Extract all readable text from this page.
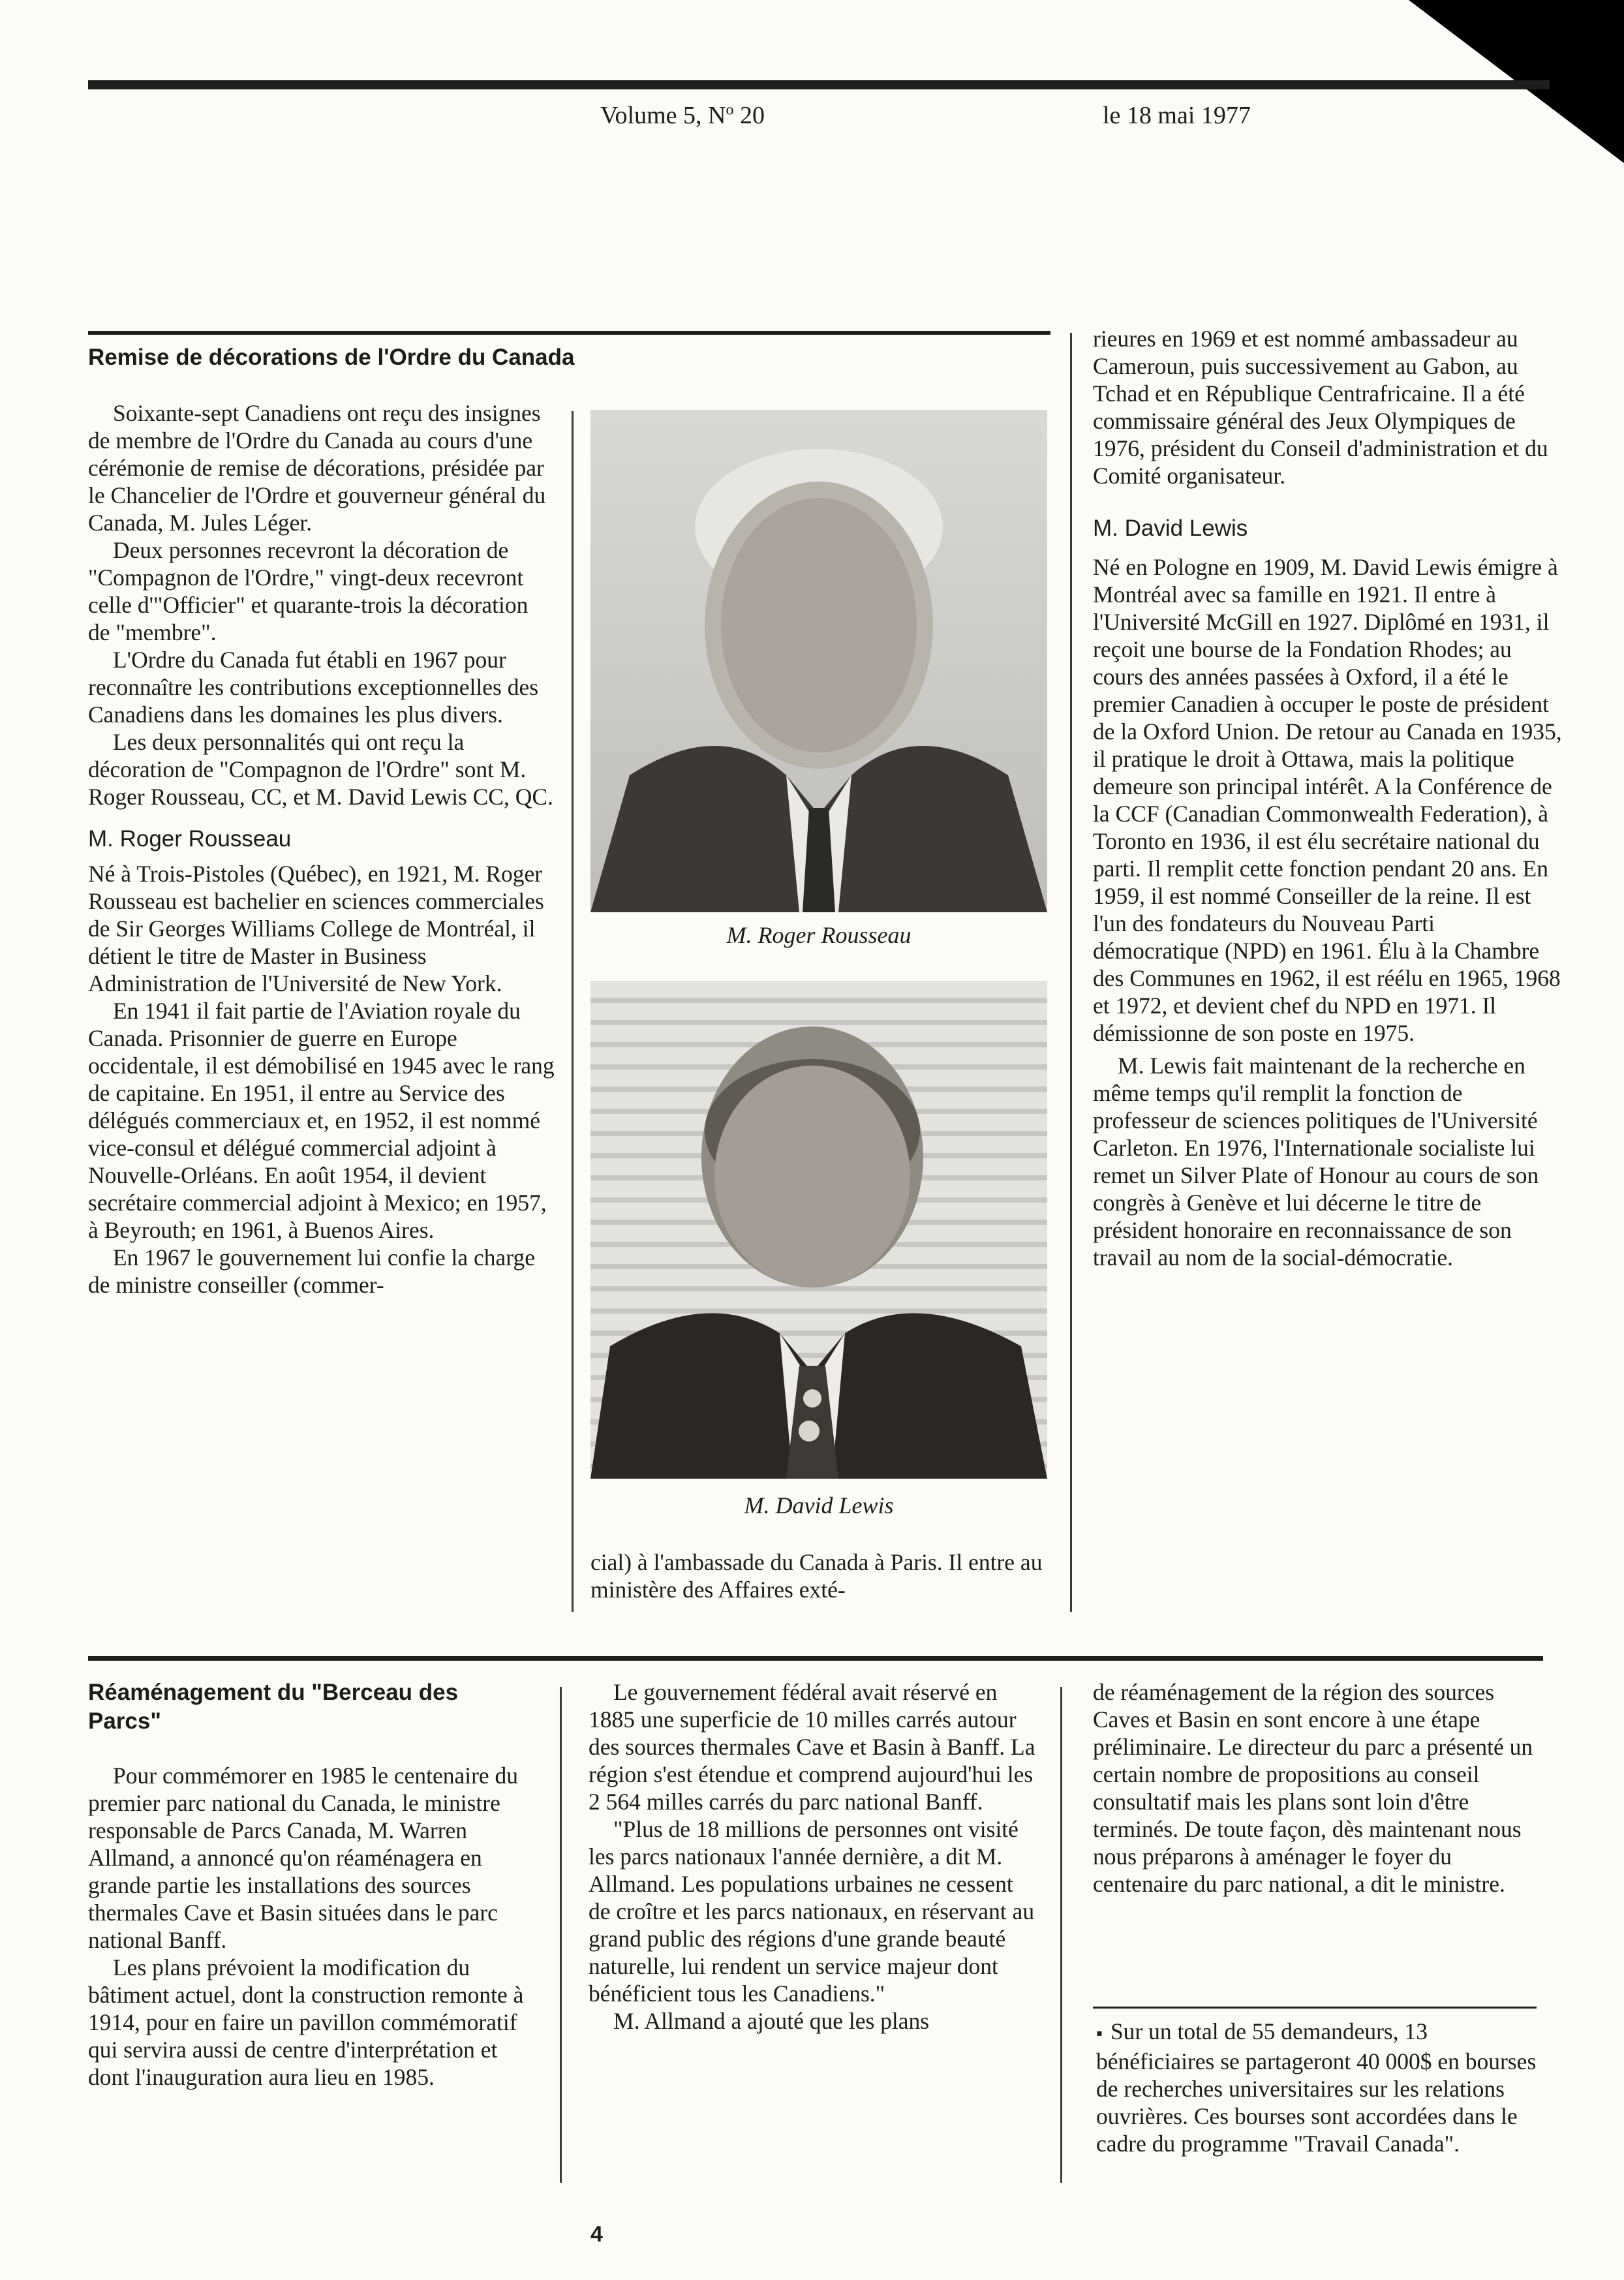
Volume 5, $N^o$ 20	le 18 mai 1977
Remise de décorations de l'Ordre du Canada

Soixante-sept Canadiens ont reçu des insignes de membre de l'Ordre du Canada au cours d'une cérémonie de remise de décorations, présidée par le Chancelier de l'Ordre et gouverneur général du Canada, M. Jules Léger.

Deux personnes recevront la décoration de "Compagnon de l'Ordre," vingt-deux recevront celle d'"Officier" et quarante-trois la décoration de "membre".

L'Ordre du Canada fut établi en 1967 pour reconnaître les contributions exceptionnelles des Canadiens dans les domaines les plus divers.

Les deux personnalités qui ont reçu la décoration de "Compagnon de l'Ordre" sont M. Roger Rousseau, CC, et M. David Lewis CC, QC.

M. Roger Rousseau

Né à Trois-Pistoles (Québec), en 1921, M. Roger Rousseau est bachelier en sciences commerciales de Sir Georges Williams College de Montréal, il détient le titre de Master in Business Administration de l'Université de New York.

En 1941 il fait partie de l'Aviation royale du Canada. Prisonnier de guerre en Europe occidentale, il est démobilisé en 1945 avec le rang de capitaine. En 1951, il entre au Service des délégués commerciaux et, en 1952, il est nommé vice-consul et délégué commercial adjoint à Nouvelle-Orléans. En août 1954, il devient secrétaire commercial adjoint à Mexico; en 1957, à Beyrouth; en 1961, à Buenos Aires.

En 1967 le gouvernement lui confie la charge de ministre conseiller (commer-

M. Roger Rousseau
M. David Lewis
cial) à l'ambassade du Canada à Paris. Il entre au ministère des Affaires exté-

rieures en 1969 et est nommé ambassadeur au Cameroun, puis successivement au Gabon, au Tchad et en République Centrafricaine. Il a été commissaire général des Jeux Olympiques de 1976, président du Conseil d'administration et du Comité organisateur.

M. David Lewis

Né en Pologne en 1909, M. David Lewis émigre à Montréal avec sa famille en 1921. Il entre à l'Université McGill en 1927. Diplômé en 1931, il reçoit une bourse de la Fondation Rhodes; au cours des années passées à Oxford, il a été le premier Canadien à occuper le poste de président de la Oxford Union. De retour au Canada en 1935, il pratique le droit à Ottawa, mais la politique demeure son principal intérêt. A la Conférence de la CCF (Canadian Commonwealth Federation), à Toronto en 1936, il est élu secrétaire national du parti. Il remplit cette fonction pendant 20 ans. En 1959, il est nommé Conseiller de la reine. Il est l'un des fondateurs du Nouveau Parti démocratique (NPD) en 1961. Élu à la Chambre des Communes en 1962, il est réélu en 1965, 1968 et 1972, et devient chef du NPD en 1971. Il démissionne de son poste en 1975.

M. Lewis fait maintenant de la recherche en même temps qu'il remplit la fonction de professeur de sciences politiques de l'Université Carleton. En 1976, l'Internationale socialiste lui remet un Silver Plate of Honour au cours de son congrès à Genève et lui décerne le titre de président honoraire en reconnaissance de son travail au nom de la social-démocratie.

Réaménagement du "Berceau des Parcs"

Pour commémorer en 1985 le centenaire du premier parc national du Canada, le ministre responsable de Parcs Canada, M. Warren Allmand, a annoncé qu'on réaménagera en grande partie les installations des sources thermales Cave et Basin situées dans le parc national Banff.

Les plans prévoient la modification du bâtiment actuel, dont la construction remonte à 1914, pour en faire un pavillon commémoratif qui servira aussi de centre d'interprétation et dont l'inauguration aura lieu en 1985.

Le gouvernement fédéral avait réservé en 1885 une superficie de 10 milles carrés autour des sources thermales Cave et Basin à Banff. La région s'est étendue et comprend aujourd'hui les 2 564 milles carrés du parc national Banff.

"Plus de 18 millions de personnes ont visité les parcs nationaux l'année dernière, a dit M. Allmand. Les populations urbaines ne cessent de croître et les parcs nationaux, en réservant au grand public des régions d'une grande beauté naturelle, lui rendent un service majeur dont bénéficient tous les Canadiens."

M. Allmand a ajouté que les plans

de réaménagement de la région des sources Caves et Basin en sont encore à une étape préliminaire. Le directeur du parc a présenté un certain nombre de propositions au conseil consultatif mais les plans sont loin d'être terminés. De toute façon, dès maintenant nous nous préparons à aménager le foyer du centenaire du parc national, a dit le ministre.

▪ Sur un total de 55 demandeurs, 13 bénéficiaires se partageront 40 000$ en bourses de recherches universitaires sur les relations ouvrières. Ces bourses sont accordées dans le cadre du programme "Travail Canada".
4
